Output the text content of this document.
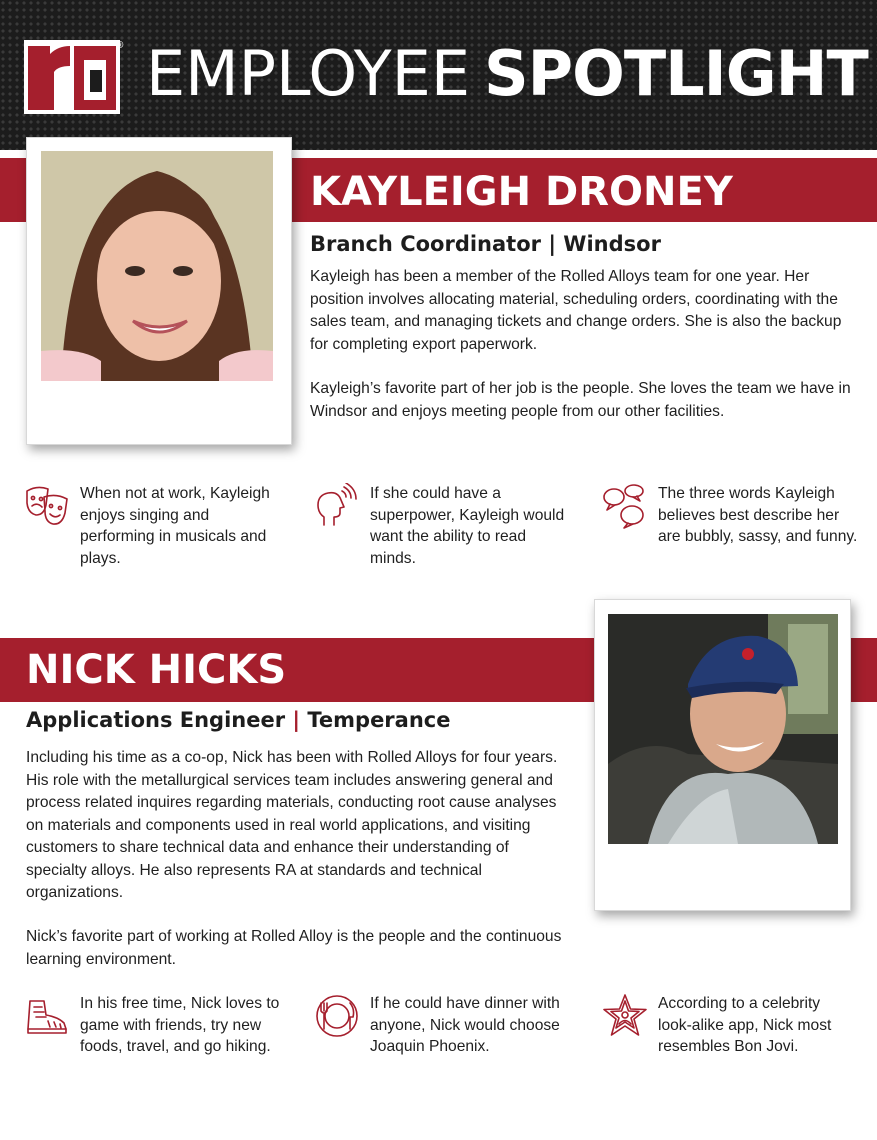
® EMPLOYEE SPOTLIGHT
KAYLEIGH DRONEY
NICK HICKS
Branch Coordinator | Windsor
Applications Engineer | Temperance

Kayleigh has been a member of the Rolled Alloys team for one year. Her position involves allocating material, scheduling orders, coordinating with the sales team, and managing tickets and change orders. She is also the backup for completing export paperwork.

Kayleigh’s favorite part of her job is the people. She loves the team we have in Windsor and enjoys meeting people from our other facilities.

Including his time as a co-op, Nick has been with Rolled Alloys for four years. His role with the metallurgical services team includes answering general and process related inquires regarding materials, conducting root cause analyses on materials and components used in real world applications, and visiting customers to share technical data and enhance their understanding of specialty alloys. He also represents RA at standards and technical organizations.

Nick’s favorite part of working at Rolled Alloy is the people and the continuous learning environment.

When not at work, Kayleigh enjoys singing and performing in musicals and plays.
If she could have a superpower, Kayleigh would want the ability to read minds.
The three words Kayleigh believes best describe her are bubbly, sassy, and funny.
In his free time, Nick loves to game with friends, try new foods, travel, and go hiking.
If he could have dinner with anyone, Nick would choose Joaquin Phoenix.
According to a celebrity look-alike app, Nick most resembles Bon Jovi.
